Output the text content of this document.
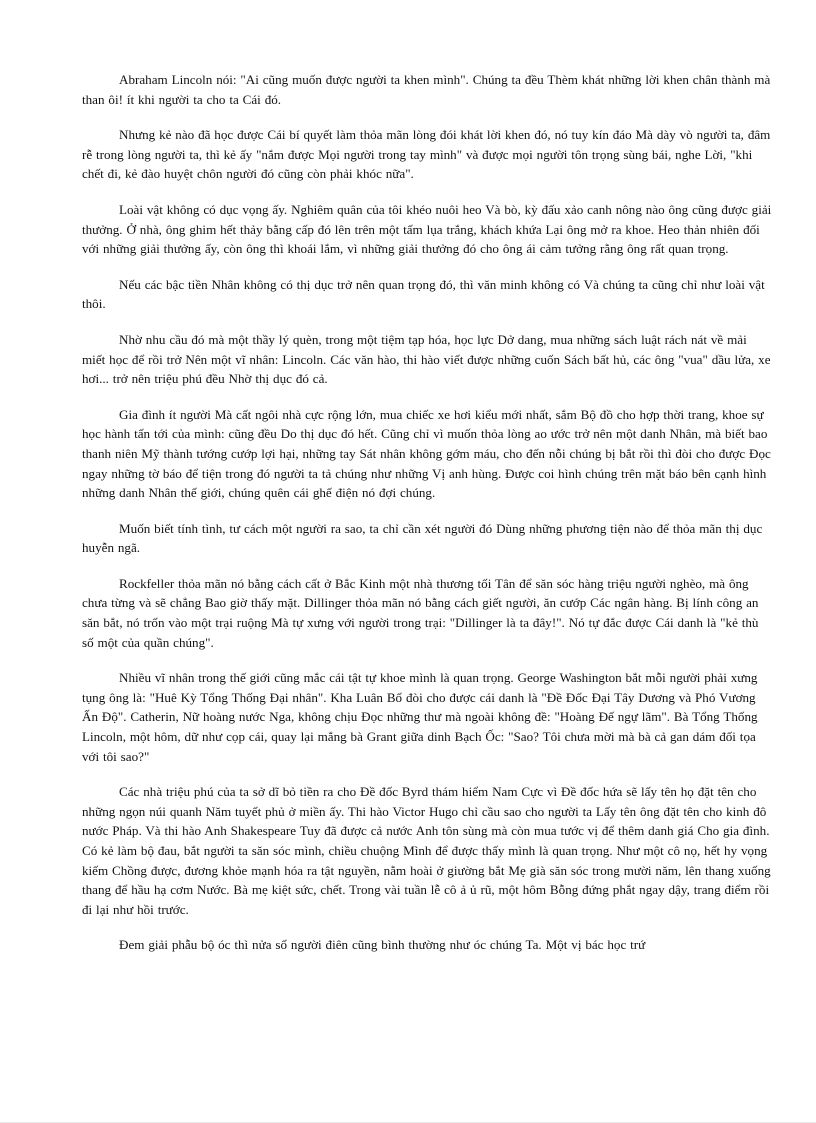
Abraham Lincoln nói: "Ai cũng muốn được người ta khen mình". Chúng ta đều Thèm khát những lời khen chân thành mà than ôi! ít khi người ta cho ta Cái đó.

Nhưng kẻ nào đã học được Cái bí quyết làm thỏa mãn lòng đói khát lời khen đó, nó tuy kín đáo Mà dày vò người ta, đâm rễ trong lòng người ta, thì kẻ ấy "nắm được Mọi người trong tay mình" và được mọi người tôn trọng sùng bái, nghe Lời, "khi chết đi, kẻ đào huyệt chôn người đó cũng còn phải khóc nữa".

Loài vật không có dục vọng ấy. Nghiêm quân của tôi khéo nuôi heo Và bò, kỳ đấu xảo canh nông nào ông cũng được giải thưởng. Ở nhà, ông ghim hết thảy bằng cấp đó lên trên một tấm lụa trắng, khách khứa Lại ông mở ra khoe. Heo thản nhiên đối với những giải thưởng ấy, còn ông thì khoái lắm, vì những giải thưởng đó cho ông ái cảm tưởng rằng ông rất quan trọng.

Nếu các bậc tiền Nhân không có thị dục trở nên quan trọng đó, thì văn minh không có Và chúng ta cũng chỉ như loài vật thôi.

Nhờ nhu cầu đó mà một thầy lý quèn, trong một tiệm tạp hóa, học lực Dở dang, mua những sách luật rách nát về mải miết học để rồi trở Nên một vĩ nhân: Lincoln. Các văn hào, thi hào viết được những cuốn Sách bất hủ, các ông "vua" dầu lửa, xe hơi... trở nên triệu phú đều Nhờ thị dục đó cả.

Gia đình ít người Mà cất ngôi nhà cực rộng lớn, mua chiếc xe hơi kiểu mới nhất, sắm Bộ đồ cho hợp thời trang, khoe sự học hành tấn tới của mình: cũng đều Do thị dục đó hết. Cũng chỉ vì muốn thỏa lòng ao ước trở nên một danh Nhân, mà biết bao thanh niên Mỹ thành tướng cướp lợi hại, những tay Sát nhân không gớm máu, cho đến nỗi chúng bị bắt rồi thì đòi cho được Đọc ngay những tờ báo để tiện trong đó người ta tả chúng như những Vị anh hùng. Được coi hình chúng trên mặt báo bên cạnh hình những danh Nhân thế giới, chúng quên cái ghế điện nó đợi chúng.

Muốn biết tính tình, tư cách một người ra sao, ta chỉ cần xét người đó Dùng những phương tiện nào để thỏa mãn thị dục huyễn ngã.

Rockfeller thỏa mãn nó bằng cách cất ở Bắc Kinh một nhà thương tối Tân để săn sóc hàng triệu người nghèo, mà ông chưa từng và sẽ chẳng Bao giờ thấy mặt. Dillinger thỏa mãn nó bằng cách giết người, ăn cướp Các ngân hàng. Bị lính công an săn bắt, nó trốn vào một trại ruộng Mà tự xưng với người trong trại: "Dillinger là ta đây!". Nó tự đắc được Cái danh là "kẻ thù số một của quần chúng".

Nhiều vĩ nhân trong thế giới cũng mắc cái tật tự khoe mình là quan trọng. George Washington bắt mỗi người phải xưng tụng ông là: "Huê Kỳ Tổng Thống Đại nhân". Kha Luân Bố đòi cho được cái danh là "Đề Đốc Đại Tây Dương và Phó Vương Ấn Độ". Catherin, Nữ hoàng nước Nga, không chịu Đọc những thư mà ngoài không đề: "Hoàng Đế ngự lãm". Bà Tổng Thống Lincoln, một hôm, dữ như cọp cái, quay lại mắng bà Grant giữa dinh Bạch Ốc: "Sao? Tôi chưa mời mà bà cả gan dám đối tọa với tôi sao?"

Các nhà triệu phú của ta sở dĩ bỏ tiền ra cho Đề đốc Byrd thám hiểm Nam Cực vì Đề đốc hứa sẽ lấy tên họ đặt tên cho những ngọn núi quanh Năm tuyết phủ ở miền ấy. Thi hào Victor Hugo chỉ cầu sao cho người ta Lấy tên ông đặt tên cho kinh đô nước Pháp. Và thi hào Anh Shakespeare Tuy đã được cả nước Anh tôn sùng mà còn mua tước vị để thêm danh giá Cho gia đình. Có kẻ làm bộ đau, bắt người ta săn sóc mình, chiều chuộng Mình để được thấy mình là quan trọng. Như một cô nọ, hết hy vọng kiếm Chồng được, đương khỏe mạnh hóa ra tật nguyền, nằm hoài ở giường bắt Mẹ già săn sóc trong mười năm, lên thang xuống thang để hầu hạ cơm Nước. Bà mẹ kiệt sức, chết. Trong vài tuần lễ cô ả ủ rũ, một hôm Bỗng đứng phắt ngay dậy, trang điểm rồi đi lại như hồi trước.

Đem giải phẫu bộ óc thì nửa số người điên cũng bình thường như óc chúng Ta. Một vị bác học trứ
